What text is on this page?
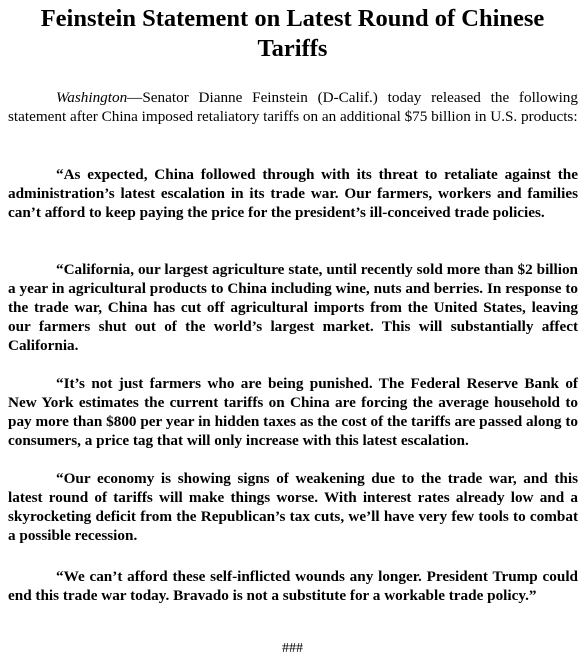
Feinstein Statement on Latest Round of Chinese Tariffs

Washington—Senator Dianne Feinstein (D-Calif.) today released the following statement after China imposed retaliatory tariffs on an additional $75 billion in U.S. products:

“As expected, China followed through with its threat to retaliate against the administration’s latest escalation in its trade war. Our farmers, workers and families can’t afford to keep paying the price for the president’s ill-conceived trade policies.

“California, our largest agriculture state, until recently sold more than $2 billion a year in agricultural products to China including wine, nuts and berries. In response to the trade war, China has cut off agricultural imports from the United States, leaving our farmers shut out of the world’s largest market. This will substantially affect California.

“It’s not just farmers who are being punished. The Federal Reserve Bank of New York estimates the current tariffs on China are forcing the average household to pay more than $800 per year in hidden taxes as the cost of the tariffs are passed along to consumers, a price tag that will only increase with this latest escalation.

“Our economy is showing signs of weakening due to the trade war, and this latest round of tariffs will make things worse. With interest rates already low and a skyrocketing deficit from the Republican’s tax cuts, we’ll have very few tools to combat a possible recession.

“We can’t afford these self-inflicted wounds any longer. President Trump could end this trade war today. Bravado is not a substitute for a workable trade policy.”

###
